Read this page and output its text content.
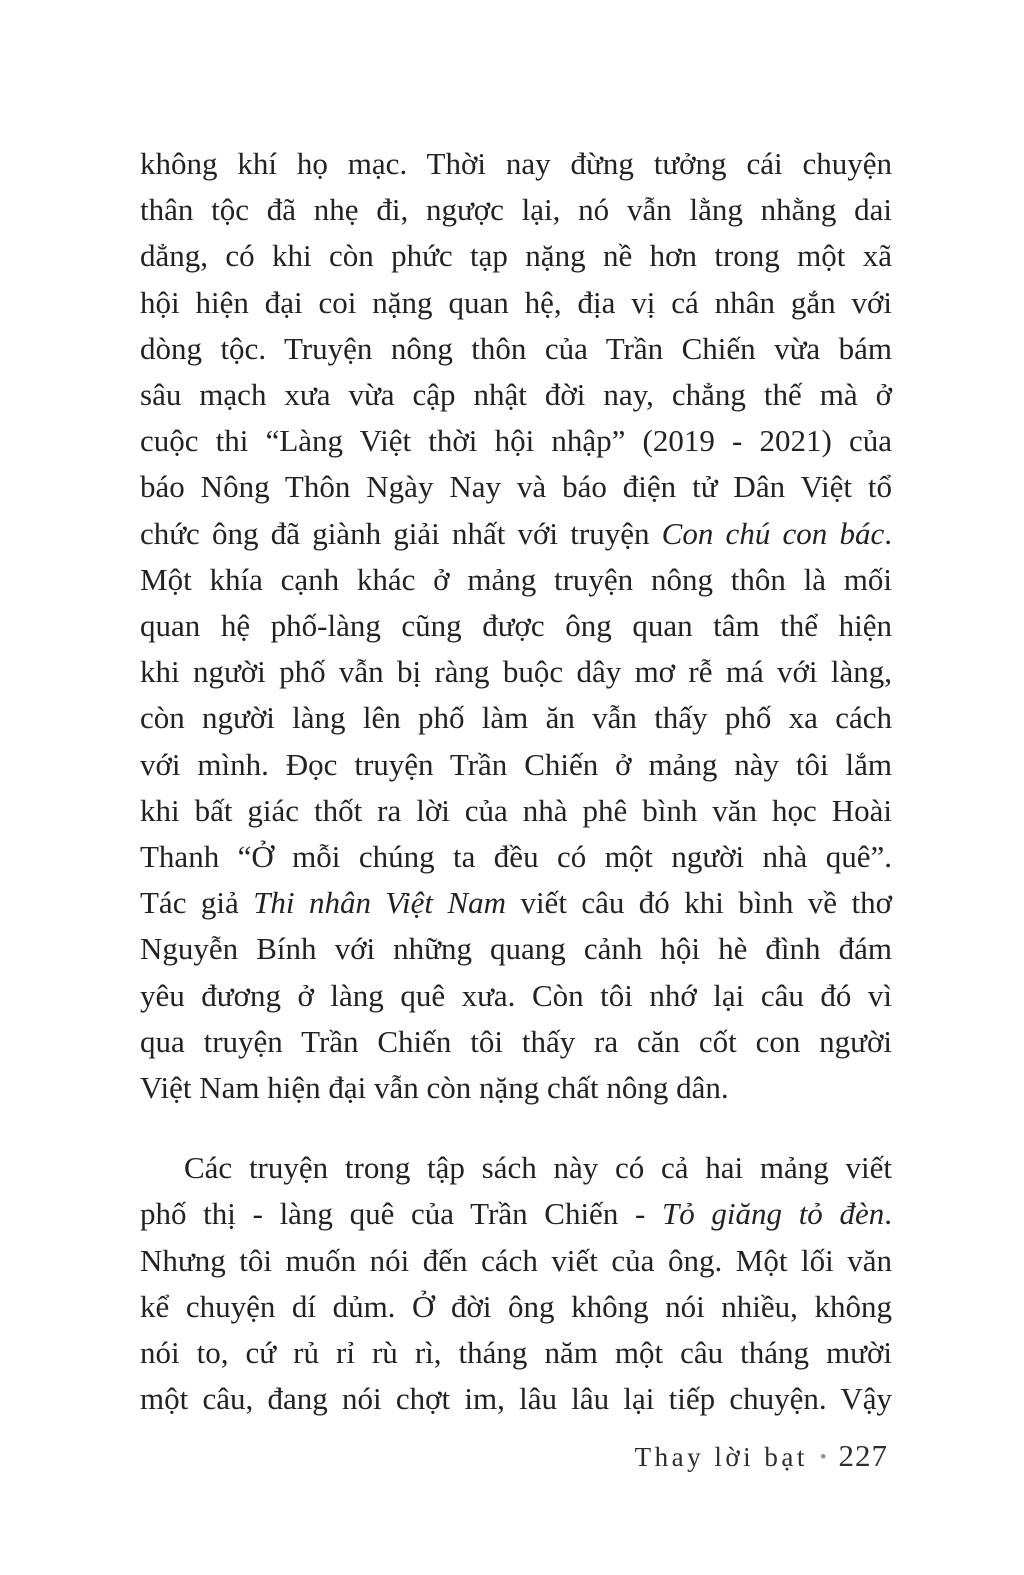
không khí họ mạc. Thời nay đừng tưởng cái chuyện
thân tộc đã nhẹ đi, ngược lại, nó vẫn lằng nhằng dai
dẳng, có khi còn phức tạp nặng nề hơn trong một xã
hội hiện đại coi nặng quan hệ, địa vị cá nhân gắn với
dòng tộc. Truyện nông thôn của Trần Chiến vừa bám
sâu mạch xưa vừa cập nhật đời nay, chẳng thế mà ở
cuộc thi “Làng Việt thời hội nhập” (2019 - 2021) của
báo Nông Thôn Ngày Nay và báo điện tử Dân Việt tổ
chức ông đã giành giải nhất với truyện Con chú con bác.
Một khía cạnh khác ở mảng truyện nông thôn là mối
quan hệ phố-làng cũng được ông quan tâm thể hiện
khi người phố vẫn bị ràng buộc dây mơ rễ má với làng,
còn người làng lên phố làm ăn vẫn thấy phố xa cách
với mình. Đọc truyện Trần Chiến ở mảng này tôi lắm
khi bất giác thốt ra lời của nhà phê bình văn học Hoài
Thanh “Ở mỗi chúng ta đều có một người nhà quê”.
Tác giả Thi nhân Việt Nam viết câu đó khi bình về thơ
Nguyễn Bính với những quang cảnh hội hè đình đám
yêu đương ở làng quê xưa. Còn tôi nhớ lại câu đó vì
qua truyện Trần Chiến tôi thấy ra căn cốt con người
Việt Nam hiện đại vẫn còn nặng chất nông dân.
Các truyện trong tập sách này có cả hai mảng viết
phố thị - làng quê của Trần Chiến - Tỏ giăng tỏ đèn.
Nhưng tôi muốn nói đến cách viết của ông. Một lối văn
kể chuyện dí dủm. Ở đời ông không nói nhiều, không
nói to, cứ rủ rỉ rù rì, tháng năm một câu tháng mười
một câu, đang nói chợt im, lâu lâu lại tiếp chuyện. Vậy
Thay lời bạt • 227
